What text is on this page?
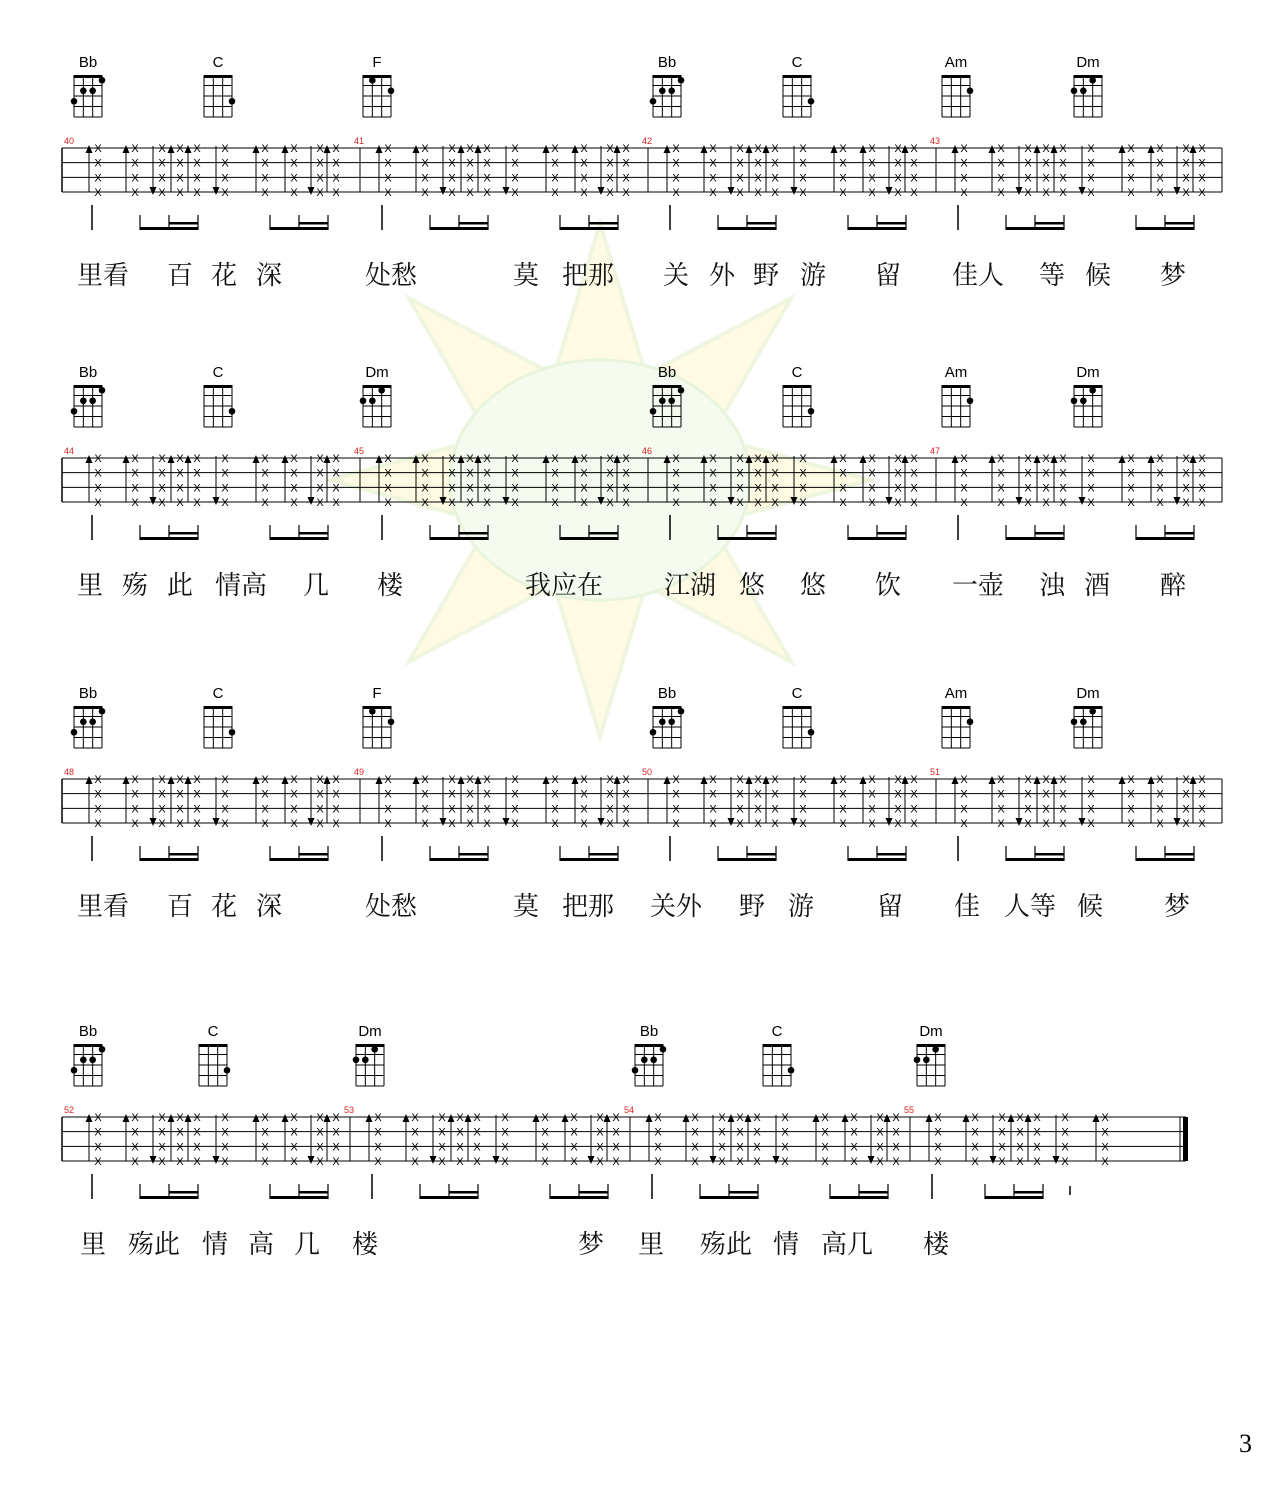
Bb	C	F	Bb	C	Am	Dm
40	41	42	43
X
X
X
X
X
X
X
X
X
X
X
X
X
X
X
X
X
X
X
X
X
X
X
X
X
X
X
X
X
X
X
X
X
X
X
X
X
X
X
X
X
X
X
X
X
X
X
X
X
X
X
X
X
X
X
X
X
X
X
X
X
X
X
X
X
X
X
X
X
X
X
X
X
X
X
X
X
X
X
X
X
X
X
X
X
X
X
X
X
X
X
X
X
X
X
X
X
X
X
X
X
X
X
X
X
X
X
X
X
X
X
X
X
X
X
X
X
X
X
X
X
X
X
X
X
X
X
X
X
X
X
X
X
X
X
X
X
X
X
X
X
X
X
X
X
X
X
X
X
X
X
X
X
X
X
X
X
X
X
X
里看 百 花 深	处愁	莫 把那 关 外 野 游 留 佳人 等 候 梦
Bb	C	Dm	Bb	C	Am	Dm
44	45	46	47
X
X
X
X
X
X
X
X
X
X
X
X
X
X
X
X
X
X
X
X
X
X
X
X
X
X
X
X
X
X
X
X
X
X
X
X
X
X
X
X
X
X
X
X
X
X
X
X
X
X
X
X
X
X
X
X
X
X
X
X
X
X
X
X
X
X
X
X
X
X
X
X
X
X
X
X
X
X
X
X
X
X
X
X
X
X
X
X
X
X
X
X
X
X
X
X
X
X
X
X
X
X
X
X
X
X
X
X
X
X
X
X
X
X
X
X
X
X
X
X
X
X
X
X
X
X
X
X
X
X
X
X
X
X
X
X
X
X
X
X
X
X
X
X
X
X
X
X
X
X
X
X
X
X
X
X
X
X
X
X
里 殇 此 情高 几 楼	我应在 江湖 悠 悠 饮 一壶 浊 酒 醉
Bb	C	F	Bb	C	Am	Dm
48	49	50	51
X
X
X
X
X
X
X
X
X
X
X
X
X
X
X
X
X
X
X
X
X
X
X
X
X
X
X
X
X
X
X
X
X
X
X
X
X
X
X
X
X
X
X
X
X
X
X
X
X
X
X
X
X
X
X
X
X
X
X
X
X
X
X
X
X
X
X
X
X
X
X
X
X
X
X
X
X
X
X
X
X
X
X
X
X
X
X
X
X
X
X
X
X
X
X
X
X
X
X
X
X
X
X
X
X
X
X
X
X
X
X
X
X
X
X
X
X
X
X
X
X
X
X
X
X
X
X
X
X
X
X
X
X
X
X
X
X
X
X
X
X
X
X
X
X
X
X
X
X
X
X
X
X
X
X
X
X
X
X
X
里看 百 花 深	处愁	莫 把那 关外 野 游 留 佳 人等 候 梦
Bb	C	Dm	Bb	C	Dm
52	53	54	55
X
X
X
X
X
X
X
X
X
X
X
X
X
X
X
X
X
X
X
X
X
X
X
X
X
X
X
X
X
X
X
X
X
X
X
X
X
X
X
X
X
X
X
X
X
X
X
X
X
X
X
X
X
X
X
X
X
X
X
X
X
X
X
X
X
X
X
X
X
X
X
X
X
X
X
X
X
X
X
X
X
X
X
X
X
X
X
X
X
X
X
X
X
X
X
X
X
X
X
X
X
X
X
X
X
X
X
X
X
X
X
X
X
X
X
X
X
X
X
X
X
X
X
X
X
X
X
X
X
X
X
X
X
X
X
X
X
X
X
X
X
X
X
X
X
X
X
X
里 殇此 情 高 几 楼	梦 里 殇此 情 高几 楼
3
